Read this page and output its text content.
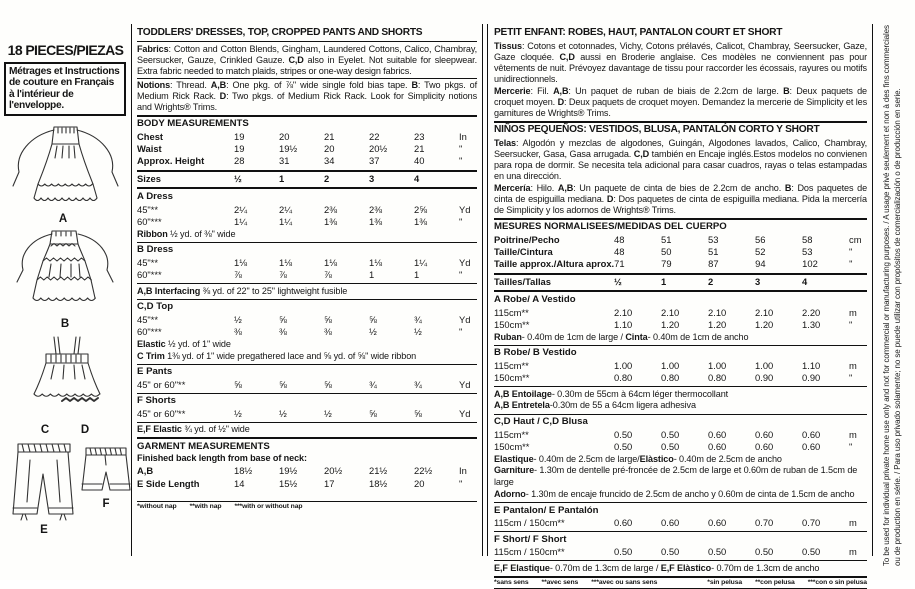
18 PIECES/PIEZAS
Métrages et Instructions de couture en Français à l'intérieur de l'enveloppe.
A
B
C	D
E
F
TODDLERS' DRESSES, TOP, CROPPED PANTS AND SHORTS
Fabrics: Cotton and Cotton Blends, Gingham, Laundered Cottons, Calico, Chambray, Seersucker, Gauze, Crinkled Gauze. C,D also in Eyelet. Not suitable for sleepwear. Extra fabric needed to match plaids, stripes or one-way design fabrics.
Notions: Thread. A,B: One pkg. of ⅞" wide single fold bias tape. B: Two pkgs. of Medium Rick Rack. D: Two pkgs. of Medium Rick Rack. Look for Simplicity notions and Wrights® Trims.
BODY MEASUREMENTS
Chest	19	20	21	22	23	In
Waist	19	19½	20	20½	21	"
Approx. Height	28	31	34	37	40	"
Sizes	½	1	2	3	4
A Dress
45"**	2¼	2¼	2⅜	2⅜	2⅝	Yd
60"***	1¼	1¼	1⅜	1⅜	1⅜	"
Ribbon ½ yd. of ⅜" wide
B Dress
45"**	1⅛	1⅛	1⅛	1⅛	1¼	Yd
60"***	⅞	⅞	⅞	1	1	"
A,B Interfacing ⅜ yd. of 22" to 25" lightweight fusible
C,D Top
45"**	½	⅝	⅝	⅝	¾	Yd
60"***	⅜	⅜	⅜	½	½	"
Elastic ½ yd. of 1" wide
C Trim 1⅜ yd. of 1" wide pregathered lace and ⅝ yd. of ⅝" wide ribbon
E Pants
45" or 60"**	⅝	⅝	⅝	¾	¾	Yd
F Shorts
45" or 60"**	½	½	½	⅝	⅝	Yd
E,F Elastic ¾ yd. of ½" wide
GARMENT MEASUREMENTS
Finished back length from base of neck:
A,B	18½	19½	20½	21½	22½	In
E Side Length	14	15½	17	18½	20	"
*without nap **with nap ***with or without nap
PETIT ENFANT: ROBES, HAUT, PANTALON COURT ET SHORT
Tissus: Cotons et cotonnades, Vichy, Cotons prélavés, Calicot, Chambray, Seersucker, Gaze, Gaze cloquée. C,D aussi en Broderie anglaise. Ces modèles ne conviennent pas pour vêtements de nuit. Prévoyez davantage de tissu pour raccorder les écossais, rayures ou motifs unidirectionnels.
Mercerie: Fil. A,B: Un paquet de ruban de biais de 2.2cm de large. B: Deux paquets de croquet moyen. D: Deux paquets de croquet moyen. Demandez la mercerie de Simplicity et les garnitures de Wrights® Trims.
NIÑOS PEQUEÑOS: VESTIDOS, BLUSA, PANTALÓN CORTO Y SHORT
Telas: Algodón y mezclas de algodones, Guingán, Algodones lavados, Calico, Chambray, Seersucker, Gasa, Gasa arrugada. C,D también en Encaje inglés.Estos modelos no convienen para ropa de dormir. Se necesita tela adicional para casar cuadros, rayas o telas estampadas en una dirección.
Mercería: Hilo. A,B: Un paquete de cinta de bies de 2.2cm de ancho. B: Dos paquetes de cinta de espiguilla mediana. D: Dos paquetes de cinta de espiguilla mediana. Pida la mercería de Simplicity y los adornos de Wrights® Trims.
MESURES NORMALISEES/MEDIDAS DEL CUERPO
Poitrine/Pecho	48	51	53	56	58	cm
Taille/Cintura	48	50	51	52	53	"
Taille approx./Altura aprox. 71	79	87	94	102	"
Tailles/Tallas	½	1	2	3	4
A Robe/ A Vestido
115cm**	2.10	2.10	2.10	2.10	2.20	m
150cm**	1.10	1.20	1.20	1.20	1.30	"
Ruban- 0.40m de 1cm de large / Cinta- 0.40m de 1cm de ancho
B Robe/ B Vestido
115cm**	1.00	1.00	1.00	1.00	1.10	m
150cm**	0.80	0.80	0.80	0.90	0.90	"
A,B Entoilage- 0.30m de 55cm à 64cm léger thermocollant
A,B Entretela-0.30m de 55 a 64cm ligera adhesiva
C,D Haut / C,D Blusa
115cm**	0.50	0.50	0.60	0.60	0.60	m
150cm**	0.50	0.50	0.60	0.60	0.60	"
Elastique- 0.40m de 2.5cm de large/Elàstico- 0.40m de 2.5cm de ancho
Garniture- 1.30m de dentelle pré-froncée de 2.5cm de large et 0.60m de ruban de 1.5cm de large
Adorno- 1.30m de encaje fruncido de 2.5cm de ancho y 0.60m de cinta de 1.5cm de ancho
E Pantalon/ E Pantalón
115cm / 150cm**	0.60	0.60	0.60	0.70	0.70	m
F Short/ F Short
115cm / 150cm**	0.50	0.50	0.50	0.50	0.50	m
E,F Elastique- 0.70m de 1.3cm de large / E,F Elàstico- 0.70m de 1.3cm de ancho
*sans sens **avec sens ***avec ou sans sens	*sin pelusa **con pelusa ***con o sin pelusa
To be used for individual private home use only and not for commercial or manufacturing purposes. / A usage privé seulement et non à des fins commerciales ou de production en série. / Para uso privado solamente; no se puede utilizar con propósitos de comercialización o de producción en serie.
